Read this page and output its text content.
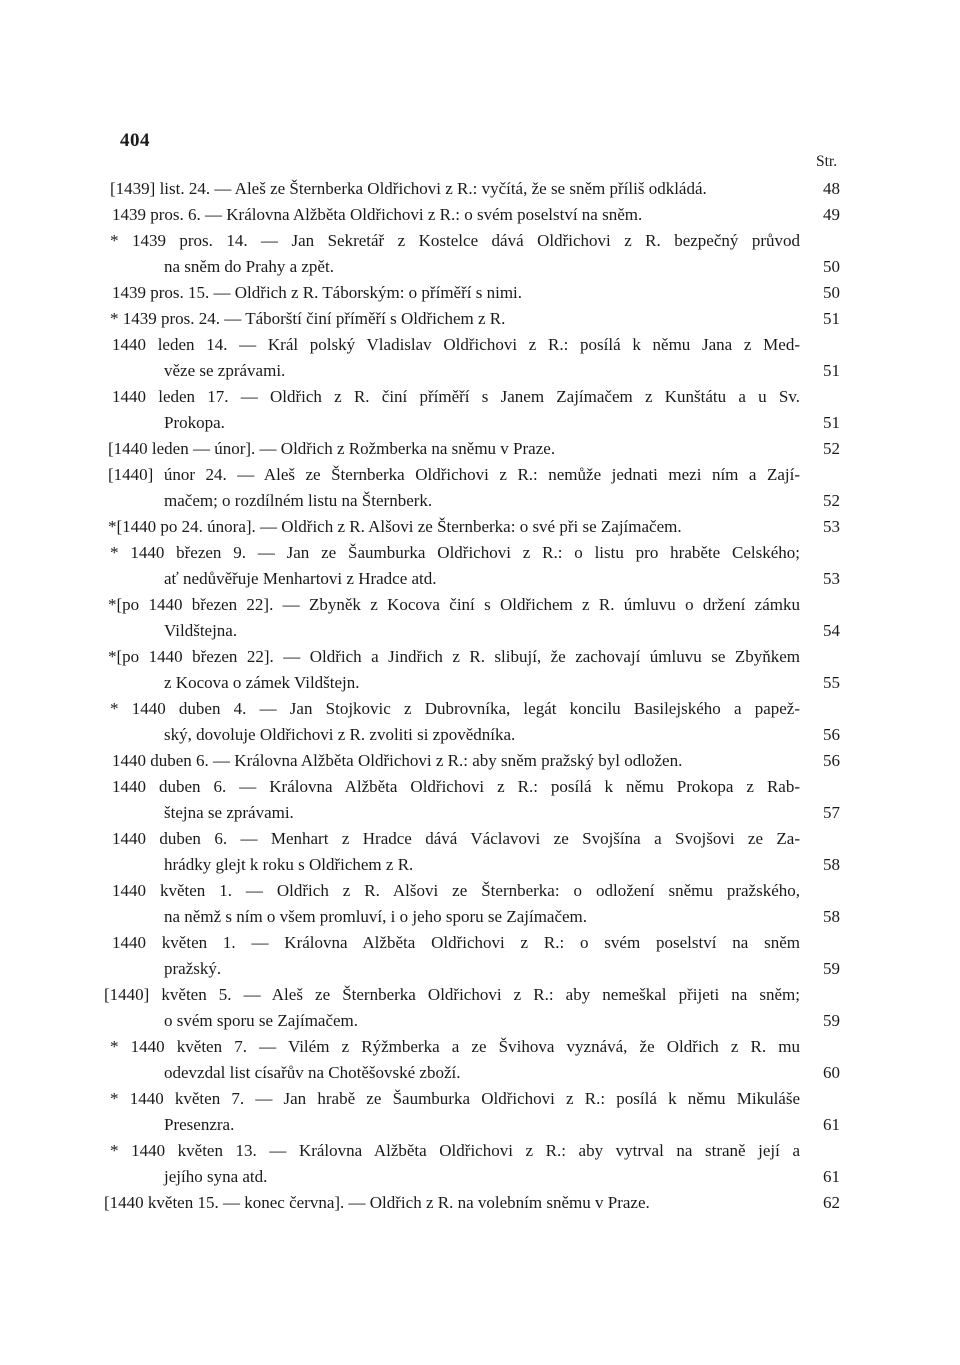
404
Str.
[1439] list. 24. — Aleš ze Šternberka Oldřichovi z R.: vyčítá, že se sněm příliš odkládá.	48
1439 pros. 6. — Královna Alžběta Oldřichovi z R.: o svém poselství na sněm.	49
* 1439 pros. 14. — Jan Sekretář z Kostelce dává Oldřichovi z R. bezpečný průvod
na sněm do Prahy a zpět.	50
1439 pros. 15. — Oldřich z R. Táborským: o příměří s nimi.	50
* 1439 pros. 24. — Táborští činí příměří s Oldřichem z R.	51
1440 leden 14. — Král polský Vladislav Oldřichovi z R.: posílá k němu Jana z Med-
věze se zprávami.	51
1440 leden 17. — Oldřich z R. činí příměří s Janem Zajímačem z Kunštátu a u Sv.
Prokopa.	51
[1440 leden — únor]. — Oldřich z Rožmberka na sněmu v Praze.	52
[1440] únor 24. — Aleš ze Šternberka Oldřichovi z R.: nemůže jednati mezi ním a Zají-
mačem; o rozdílném listu na Šternberk.	52
*[1440 po 24. února]. — Oldřich z R. Alšovi ze Šternberka: o své při se Zajímačem.	53
* 1440 březen 9. — Jan ze Šaumburka Oldřichovi z R.: o listu pro hraběte Celského;
ať nedůvěřuje Menhartovi z Hradce atd.	53
*[po 1440 březen 22]. — Zbyněk z Kocova činí s Oldřichem z R. úmluvu o držení zámku
Vildštejna.	54
*[po 1440 březen 22]. — Oldřich a Jindřich z R. slibují, že zachovají úmluvu se Zbyňkem
z Kocova o zámek Vildštejn.	55
* 1440 duben 4. — Jan Stojkovic z Dubrovníka, legát koncilu Basilejského a papež-
ský, dovoluje Oldřichovi z R. zvoliti si zpovědníka.	56
1440 duben 6. — Královna Alžběta Oldřichovi z R.: aby sněm pražský byl odložen.	56
1440 duben 6. — Královna Alžběta Oldřichovi z R.: posílá k němu Prokopa z Rab-
štejna se zprávami.	57
1440 duben 6. — Menhart z Hradce dává Václavovi ze Svojšína a Svojšovi ze Za-
hrádky glejt k roku s Oldřichem z R.	58
1440 květen 1. — Oldřich z R. Alšovi ze Šternberka: o odložení sněmu pražského,
na němž s ním o všem promluví, i o jeho sporu se Zajímačem.	58
1440 květen 1. — Královna Alžběta Oldřichovi z R.: o svém poselství na sněm
pražský.	59
[1440] květen 5. — Aleš ze Šternberka Oldřichovi z R.: aby nemeškal přijeti na sněm;
o svém sporu se Zajímačem.	59
* 1440 květen 7. — Vilém z Rýžmberka a ze Švihova vyznává, že Oldřich z R. mu
odevzdal list císařův na Chotěšovské zboží.	60
* 1440 květen 7. — Jan hrabě ze Šaumburka Oldřichovi z R.: posílá k němu Mikuláše
Presenzra.	61
* 1440 květen 13. — Královna Alžběta Oldřichovi z R.: aby vytrval na straně její a
jejího syna atd.	61
[1440 květen 15. — konec června]. — Oldřich z R. na volebním sněmu v Praze.	62
